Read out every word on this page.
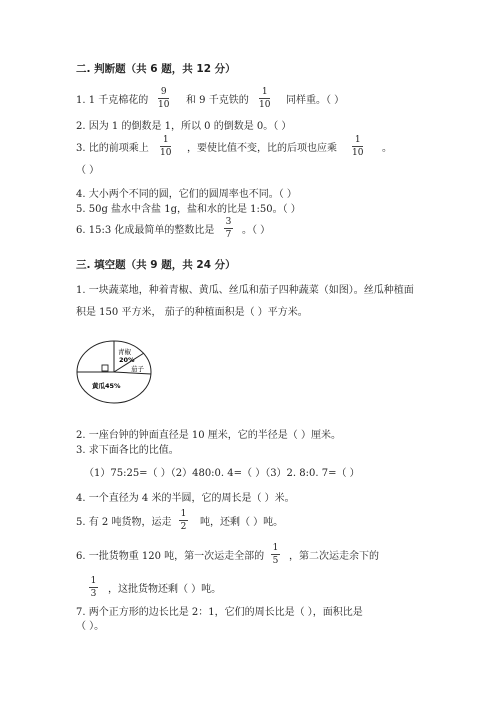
二. 判断题（共 6 题，共 12 分）
1. 1 千克棉花的
9
10 和 9 千克铁的
1
10 同样重。（ ）
2. 因为 1 的倒数是 1，所以 0 的倒数是 0。（ ）
3. 比的前项乘上
1
10 ，要使比值不变，比的后项也应乘
1
10 。
（ ）
4. 大小两个不同的圆，它们的圆周率也不同。（ ）
5. 50g 盐水中含盐 1g，盐和水的比是 1:50。（ ）
6. 15:3 化成最简单的整数比是
3
7 。（ ）
三. 填空题（共 9 题，共 24 分）
1. 一块蔬菜地，种着青椒、黄瓜、丝瓜和茄子四种蔬菜（如图）。丝瓜种植面
积是 150 平方米， 茄子的种植面积是（ ）平方米。
青椒
20%
茄子
黄瓜45%
2. 一座台钟的钟面直径是 10 厘米，它的半径是（ ）厘米。
3. 求下面各比的比值。
（1）75:25=（ ）（2）480:0. 4=（ ）（3）2. 8:0. 7=（ ）
4. 一个直径为 4 米的半圆，它的周长是（ ）米。
5. 有 2 吨货物，运走
1
2 吨，还剩（ ）吨。
6. 一批货物重 120 吨，第一次运走全部的
1
5 ，第二次运走余下的
1
3 ，这批货物还剩（ ）吨。
7. 两个正方形的边长比是 2：1，它们的周长比是（ ），面积比是
（ ）。
